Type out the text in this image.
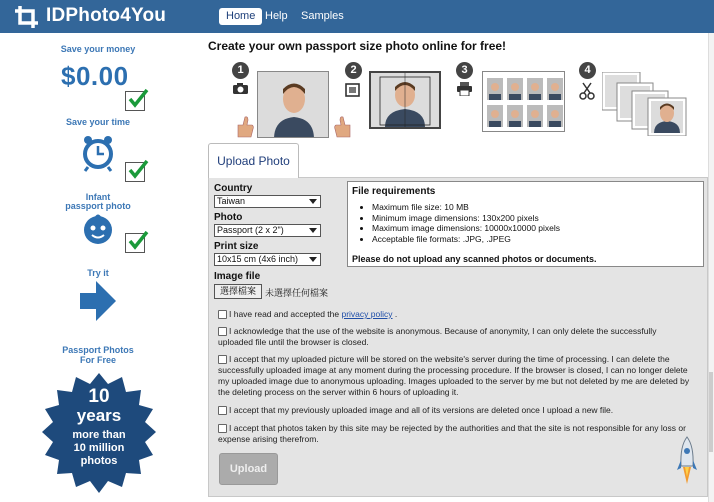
IDPhoto4You	Home Help	Samples
Save your money
$0.00
Save your time
Infant
passport photo
Try it
Passport Photos
For Free
10
years
more than
10 million
photos
Create your own passport size photo online for free!
1	2	3	4
Upload Photo
Country
Taiwan
Photo
Passport (2 x 2")
Print size
10x15 cm (4x6 inch)
Image file
選擇檔案	未選擇任何檔案
File requirements
• Maximum file size: 10 MB
• Minimum image dimensions: 130x200 pixels
• Maximum image dimensions: 10000x10000 pixels
• Acceptable file formats: .JPG, .JPEG
Please do not upload any scanned photos or documents.
I have read and accepted the privacy policy .
I acknowledge that the use of the website is anonymous. Because of anonymity, I can only delete the successfully uploaded file until the browser is closed.
I accept that my uploaded picture will be stored on the website's server during the time of processing. I can delete the successfully uploaded image at any moment during the processing procedure. If the browser is closed, I can no longer delete my uploaded image due to anonymous uploading. Images uploaded to the server by me but not deleted by me are deleted by the deleting process on the server within 6 hours of uploading it.
I accept that my previously uploaded image and all of its versions are deleted once I upload a new file.
I accept that photos taken by this site may be rejected by the authorities and that the site is not responsible for any loss or expense arising therefrom.
Upload
